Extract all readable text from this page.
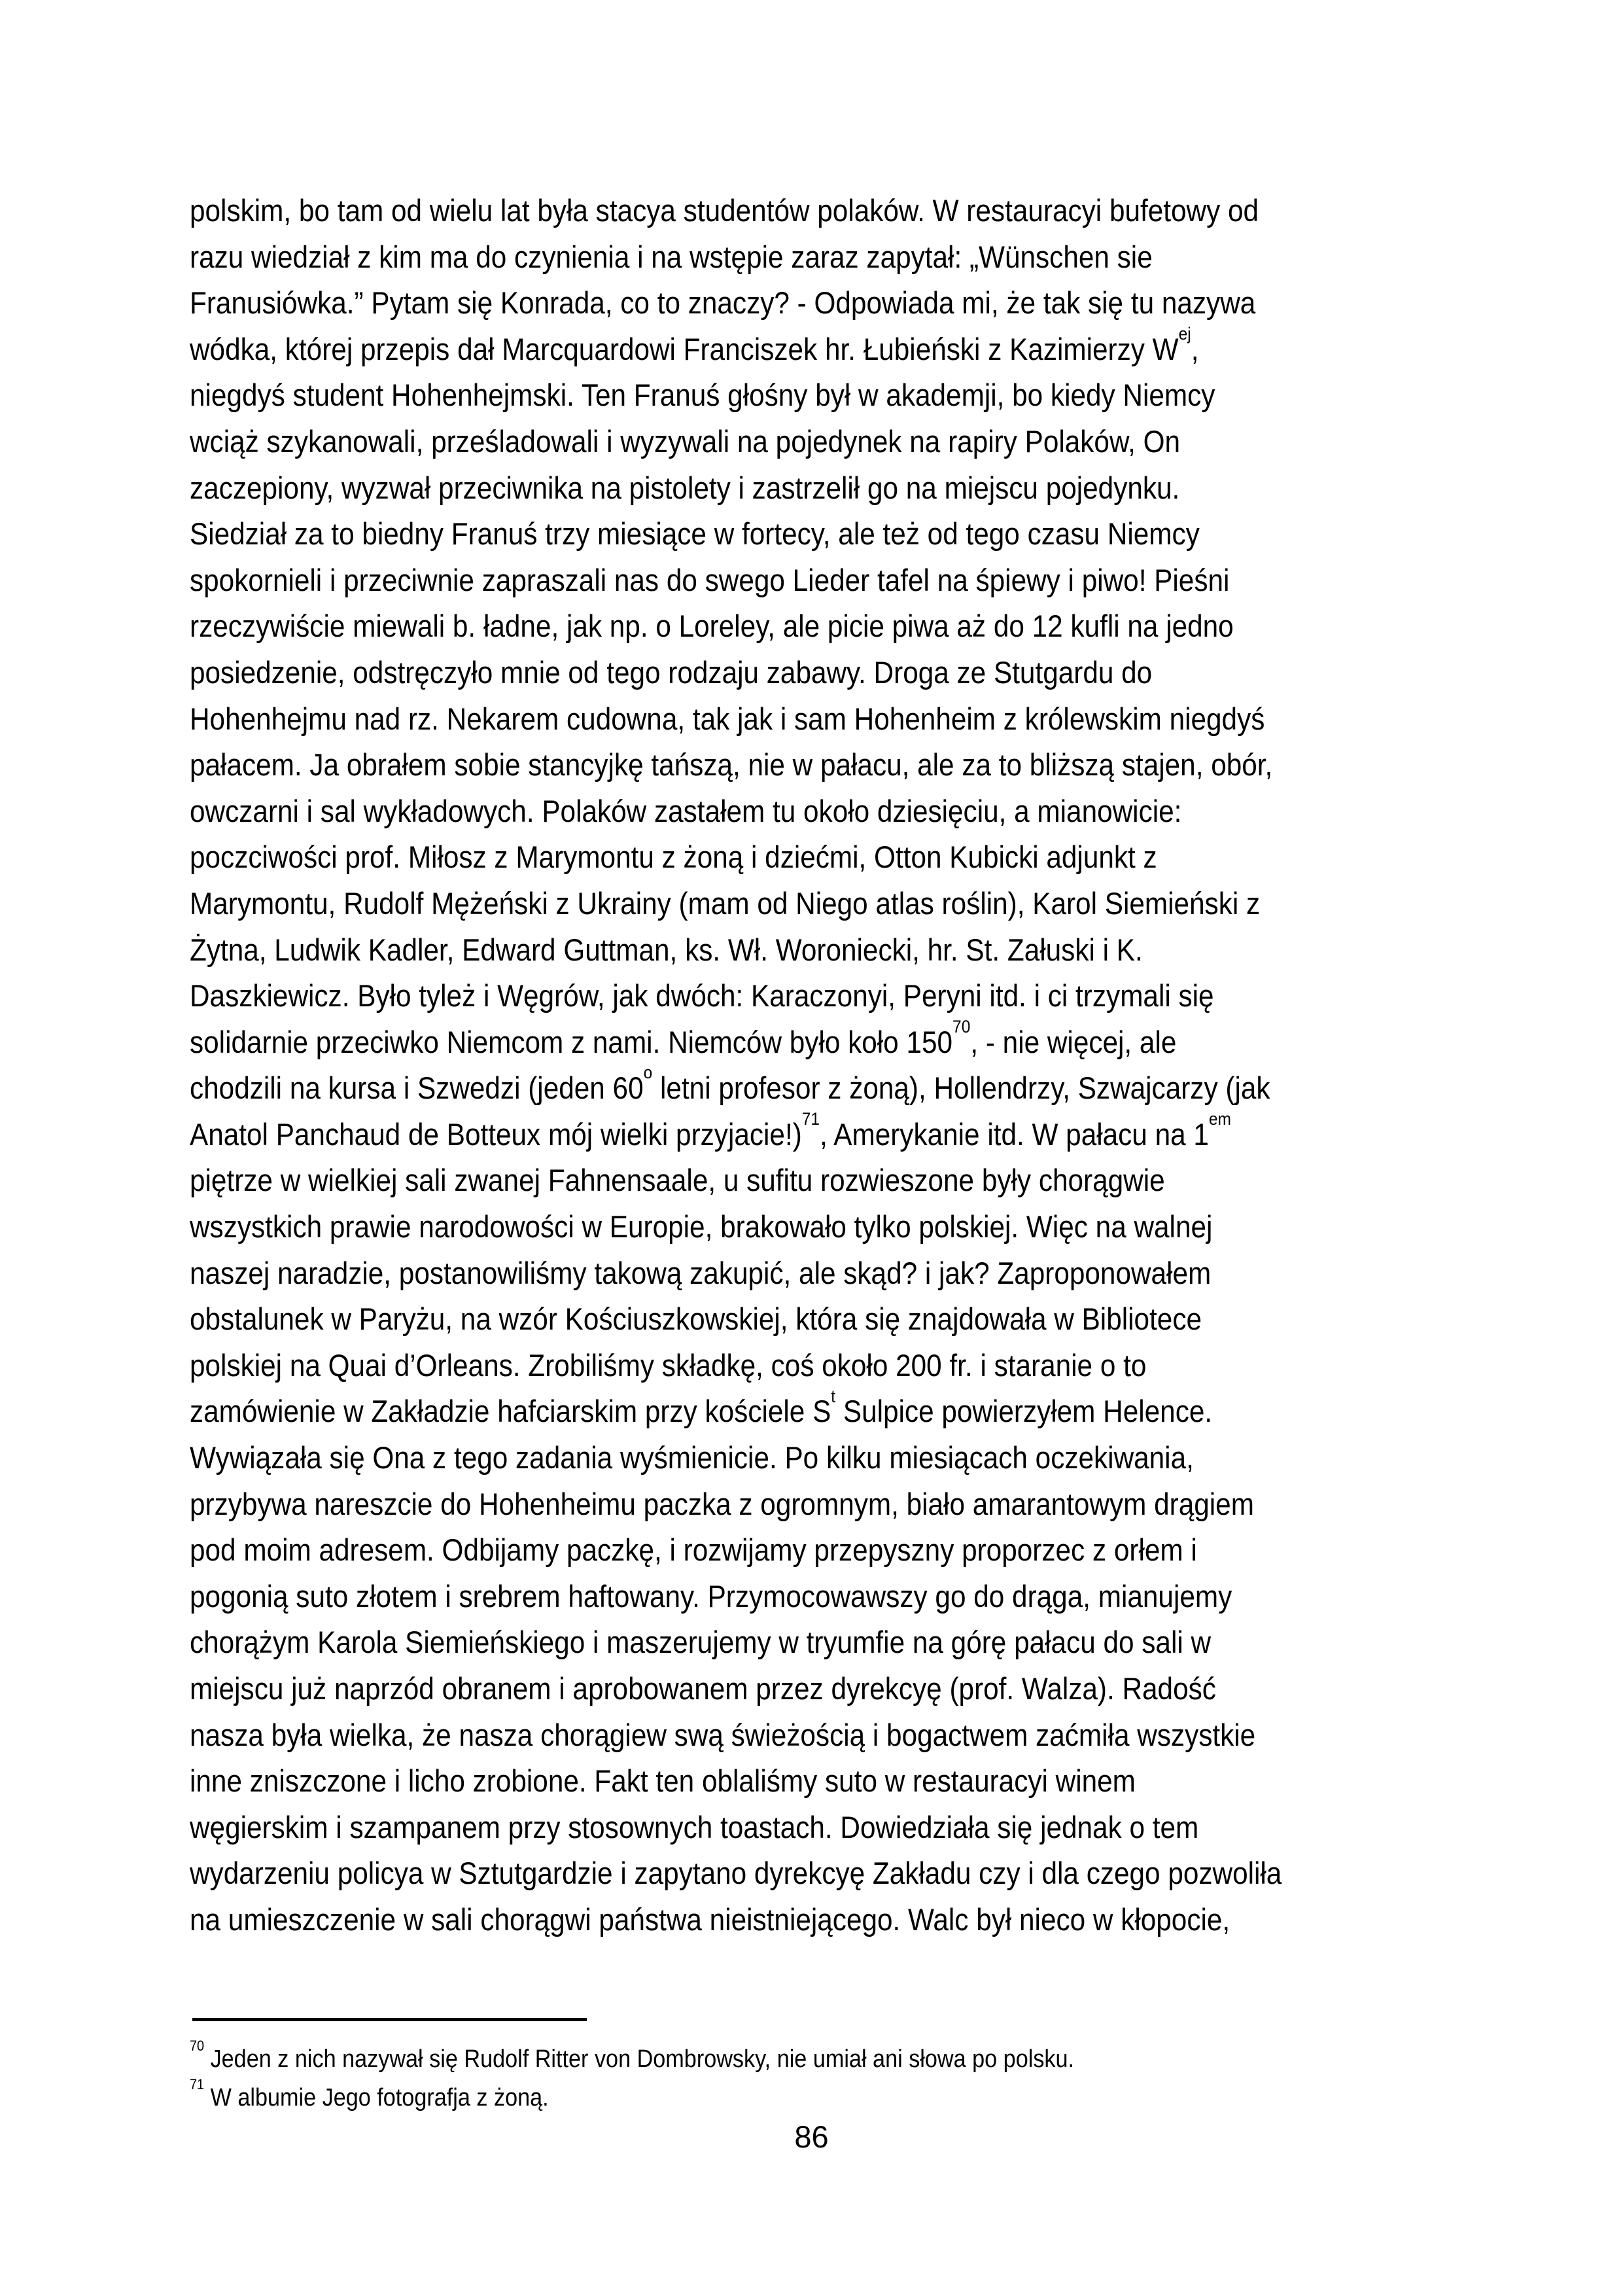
polskim, bo tam od wielu lat była stacya studentów polaków. W restauracyi bufetowy od
razu wiedział z kim ma do czynienia i na wstępie zaraz zapytał: „Wünschen sie
Franusiówka.” Pytam się Konrada, co to znaczy? - Odpowiada mi, że tak się tu nazywa
wódka, której przepis dał Marcquardowi Franciszek hr. Łubieński z Kazimierzy $W^{ej}$,
niegdyś student Hohenhejmski. Ten Franuś głośny był w akademji, bo kiedy Niemcy
wciąż szykanowali, prześladowali i wyzywali na pojedynek na rapiry Polaków, On
zaczepiony, wyzwał przeciwnika na pistolety i zastrzelił go na miejscu pojedynku.
Siedział za to biedny Franuś trzy miesiące w fortecy, ale też od tego czasu Niemcy
spokornieli i przeciwnie zapraszali nas do swego Lieder tafel na śpiewy i piwo! Pieśni
rzeczywiście miewali b. ładne, jak np. o Loreley, ale picie piwa aż do 12 kufli na jedno
posiedzenie, odstręczyło mnie od tego rodzaju zabawy. Droga ze Stutgardu do
Hohenhejmu nad rz. Nekarem cudowna, tak jak i sam Hohenheim z królewskim niegdyś
pałacem. Ja obrałem sobie stancyjkę tańszą, nie w pałacu, ale za to bliższą stajen, obór,
owczarni i sal wykładowych. Polaków zastałem tu około dziesięciu, a mianowicie:
poczciwości prof. Miłosz z Marymontu z żoną i dziećmi, Otton Kubicki adjunkt z
Marymontu, Rudolf Mężeński z Ukrainy (mam od Niego atlas roślin), Karol Siemieński z
Żytna, Ludwik Kadler, Edward Guttman, ks. Wł. Woroniecki, hr. St. Załuski i K.
Daszkiewicz. Było tyleż i Węgrów, jak dwóch: Karaczonyi, Peryni itd. i ci trzymali się
solidarnie przeciwko Niemcom z nami. Niemców było koło $150^{70}$, - nie więcej, ale
chodzili na kursa i Szwedzi (jeden 60$^o$ letni profesor z żoną), Hollendrzy, Szwajcarzy (jak
Anatol Panchaud de Botteux mój wielki przyjacie!)$^{71}$, Amerykanie itd. W pałacu na $1^{em}$
piętrze w wielkiej sali zwanej Fahnensaale, u sufitu rozwieszone były chorągwie
wszystkich prawie narodowości w Europie, brakowało tylko polskiej. Więc na walnej
naszej naradzie, postanowiliśmy takową zakupić, ale skąd? i jak? Zaproponowałem
obstalunek w Paryżu, na wzór Kościuszkowskiej, która się znajdowała w Bibliotece
polskiej na Quai d’Orleans. Zrobiliśmy składkę, coś około 200 fr. i staranie o to
zamówienie w Zakładzie hafciarskim przy kościele $S^t$ Sulpice powierzyłem Helence.
Wywiązała się Ona z tego zadania wyśmienicie. Po kilku miesiącach oczekiwania,
przybywa nareszcie do Hohenheimu paczka z ogromnym, biało amarantowym drągiem
pod moim adresem. Odbijamy paczkę, i rozwijamy przepyszny proporzec z orłem i
pogonią suto złotem i srebrem haftowany. Przymocowawszy go do drąga, mianujemy
chorążym Karola Siemieńskiego i maszerujemy w tryumfie na górę pałacu do sali w
miejscu już naprzód obranem i aprobowanem przez dyrekcyę (prof. Walza). Radość
nasza była wielka, że nasza chorągiew swą świeżością i bogactwem zaćmiła wszystkie
inne zniszczone i licho zrobione. Fakt ten oblaliśmy suto w restauracyi winem
węgierskim i szampanem przy stosownych toastach. Dowiedziała się jednak o tem
wydarzeniu policya w Sztutgardzie i zapytano dyrekcyę Zakładu czy i dla czego pozwoliła
na umieszczenie w sali chorągwi państwa nieistniejącego. Walc był nieco w kłopocie,
$^{70}$ Jeden z nich nazywał się Rudolf Ritter von Dombrowsky, nie umiał ani słowa po polsku.
$^{71}$ W albumie Jego fotografja z żoną.
86
